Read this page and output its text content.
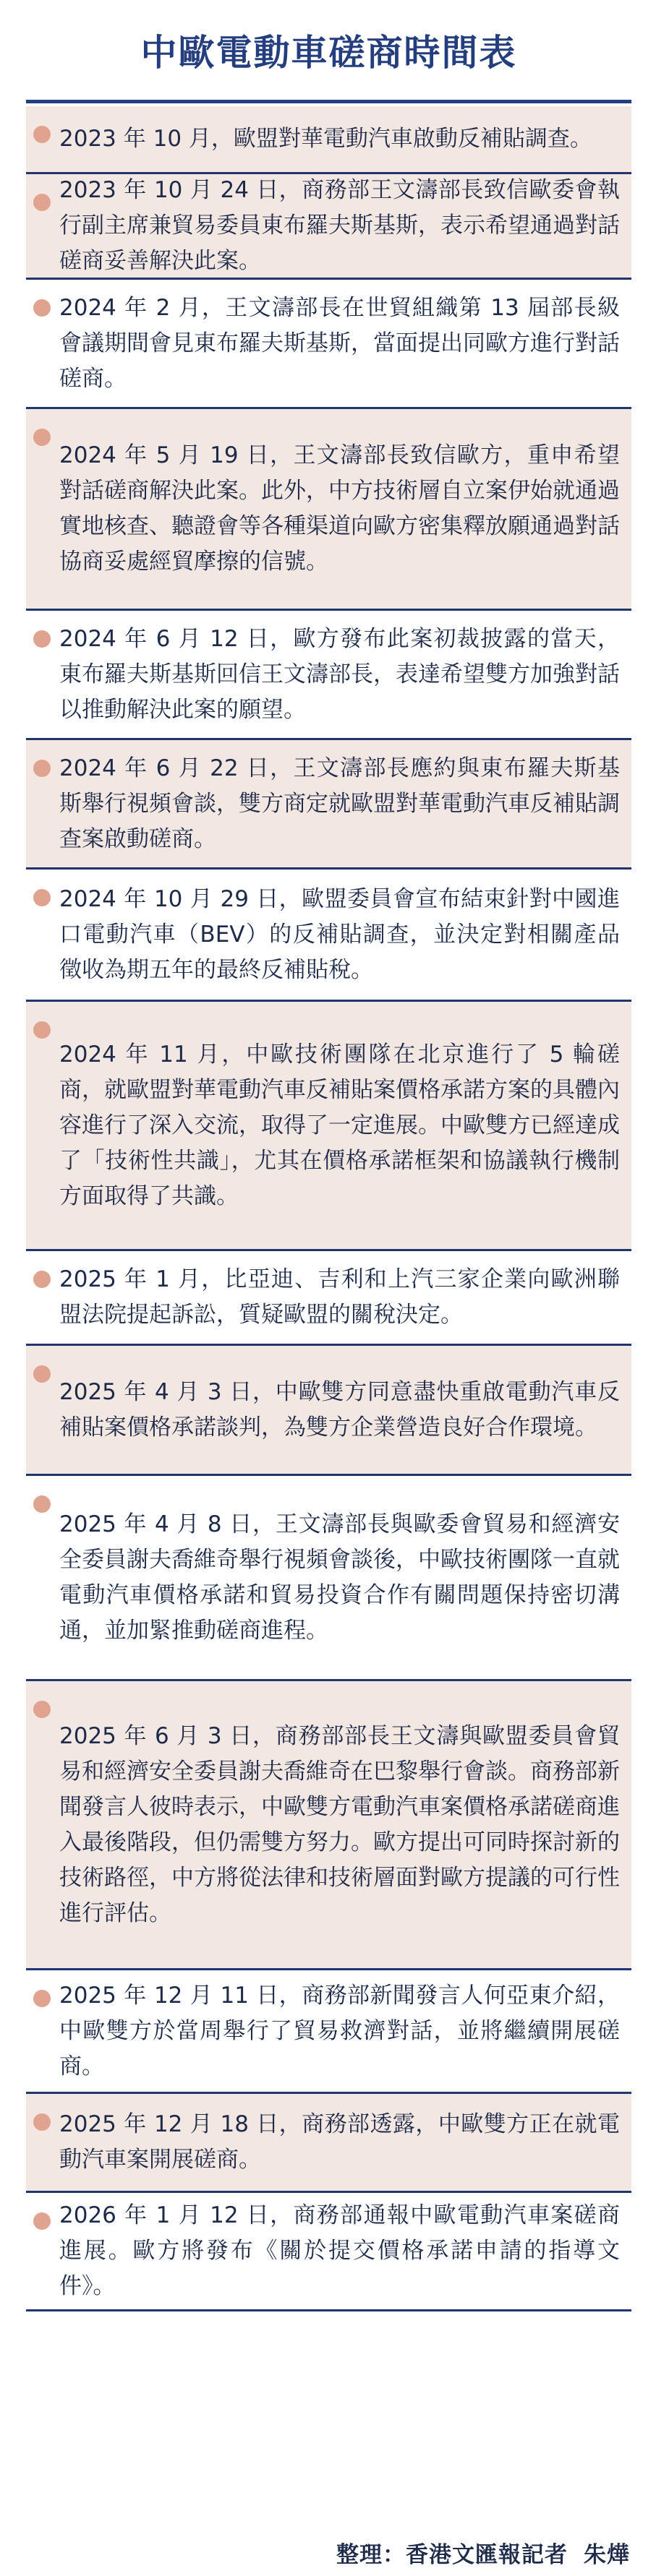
中歐電動車磋商時間表
2023 年 10 月，歐盟對華電動汽車啟動反補貼調查。
2023 年 10 月 24 日，商務部王文濤部長致信歐委會執行副主席兼貿易委員東布羅夫斯基斯，表示希望通過對話磋商妥善解決此案。
2024 年 2 月，王文濤部長在世貿組織第 13 屆部長級會議期間會見東布羅夫斯基斯，當面提出同歐方進行對話磋商。
2024 年 5 月 19 日，王文濤部長致信歐方，重申希望對話磋商解決此案。此外，中方技術層自立案伊始就通過實地核查、聽證會等各種渠道向歐方密集釋放願通過對話協商妥處經貿摩擦的信號。
2024 年 6 月 12 日，歐方發布此案初裁披露的當天，東布羅夫斯基斯回信王文濤部長，表達希望雙方加強對話以推動解決此案的願望。
2024 年 6 月 22 日，王文濤部長應約與東布羅夫斯基斯舉行視頻會談，雙方商定就歐盟對華電動汽車反補貼調查案啟動磋商。
2024 年 10 月 29 日，歐盟委員會宣布結束針對中國進口電動汽車（BEV）的反補貼調查，並決定對相關產品徵收為期五年的最終反補貼稅。
2024 年 11 月，中歐技術團隊在北京進行了 5 輪磋商，就歐盟對華電動汽車反補貼案價格承諾方案的具體內容進行了深入交流，取得了一定進展。中歐雙方已經達成了「技術性共識」，尤其在價格承諾框架和協議執行機制方面取得了共識。
2025 年 1 月，比亞迪、吉利和上汽三家企業向歐洲聯盟法院提起訴訟，質疑歐盟的關稅決定。
2025 年 4 月 3 日，中歐雙方同意盡快重啟電動汽車反補貼案價格承諾談判，為雙方企業營造良好合作環境。
2025 年 4 月 8 日，王文濤部長與歐委會貿易和經濟安全委員謝夫喬維奇舉行視頻會談後，中歐技術團隊一直就電動汽車價格承諾和貿易投資合作有關問題保持密切溝通，並加緊推動磋商進程。
2025 年 6 月 3 日，商務部部長王文濤與歐盟委員會貿易和經濟安全委員謝夫喬維奇在巴黎舉行會談。商務部新聞發言人彼時表示，中歐雙方電動汽車案價格承諾磋商進入最後階段，但仍需雙方努力。歐方提出可同時探討新的技術路徑，中方將從法律和技術層面對歐方提議的可行性進行評估。
2025 年 12 月 11 日，商務部新聞發言人何亞東介紹，中歐雙方於當周舉行了貿易救濟對話，並將繼續開展磋商。
2025 年 12 月 18 日，商務部透露，中歐雙方正在就電動汽車案開展磋商。
2026 年 1 月 12 日，商務部通報中歐電動汽車案磋商進展。歐方將發布《關於提交價格承諾申請的指導文件》。
整理：香港文匯報記者 朱燁
